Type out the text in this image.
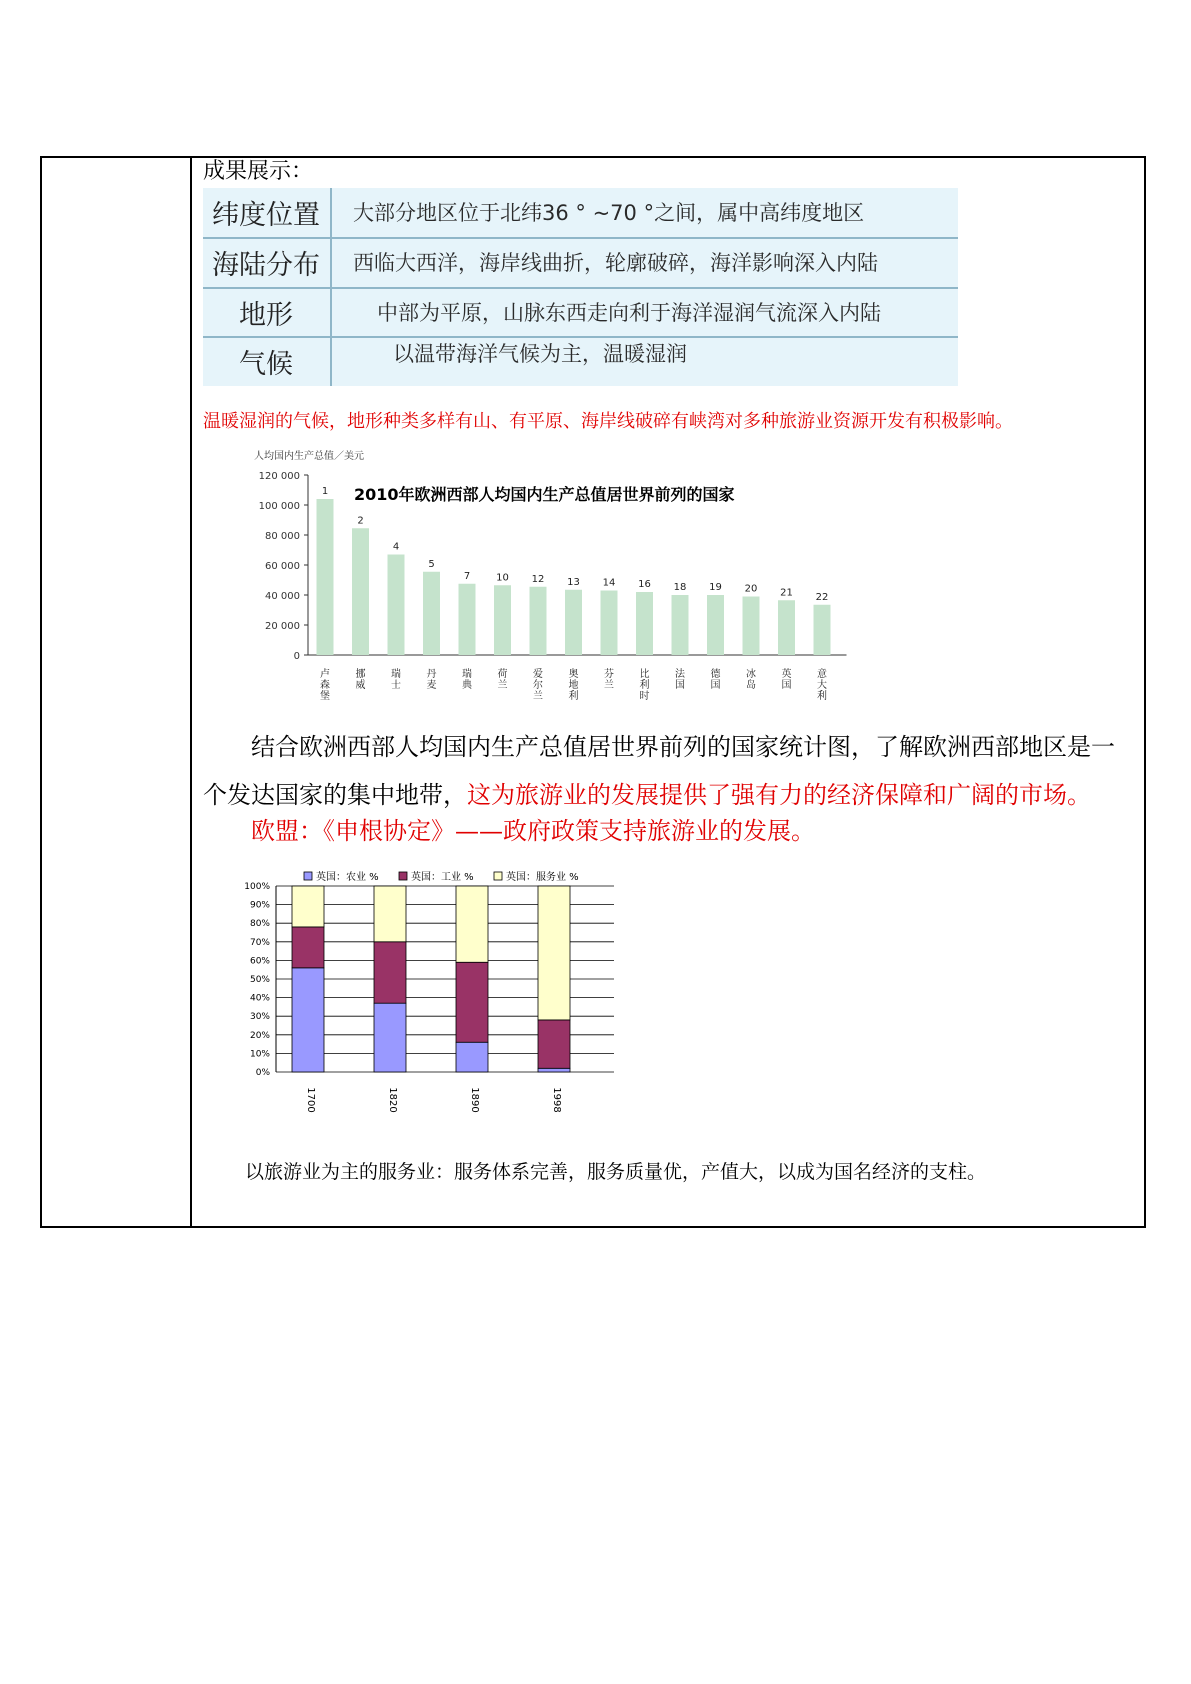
成果展示：
纬度位置	大部分地区位于北纬36 ° ~70 °之间，属中高纬度地区
海陆分布	西临大西洋，海岸线曲折，轮廓破碎，海洋影响深入内陆
地形	中部为平原，山脉东西走向利于海洋湿润气流深入内陆
气候	以温带海洋气候为主，温暖湿润
温暖湿润的气候，地形种类多样有山、有平原、海岸线破碎有峡湾对多种旅游业资源开发有积极影响。
人均国内生产总值／美元
2010年欧洲西部人均国内生产总值居世界前列的国家
0
20 000
40 000
60 000
80 000
100 000
120 000
1
卢
森
堡
2
挪
威
4
瑞
士
5
丹
麦
7
瑞
典
10
荷
兰
12
爱
尔
兰
13
奥
地
利
14
芬
兰
16
比
利
时
18
法
国
19
德
国
20
冰
岛
21
英
国
22
意
大
利
结合欧洲西部人均国内生产总值居世界前列的国家统计图，了解欧洲西部地区是一个发达国家的集中地带，这为旅游业的发展提供了强有力的经济保障和广阔的市场。
欧盟：《申根协定》——政府政策支持旅游业的发展。
英国：农业 %	英国：工业 %	英国：服务业 %
0%
10%
20%
30%
40%
50%
60%
70%
80%
90%
100%
1700	1820	1890	1998
以旅游业为主的服务业：服务体系完善，服务质量优，产值大，以成为国名经济的支柱。
